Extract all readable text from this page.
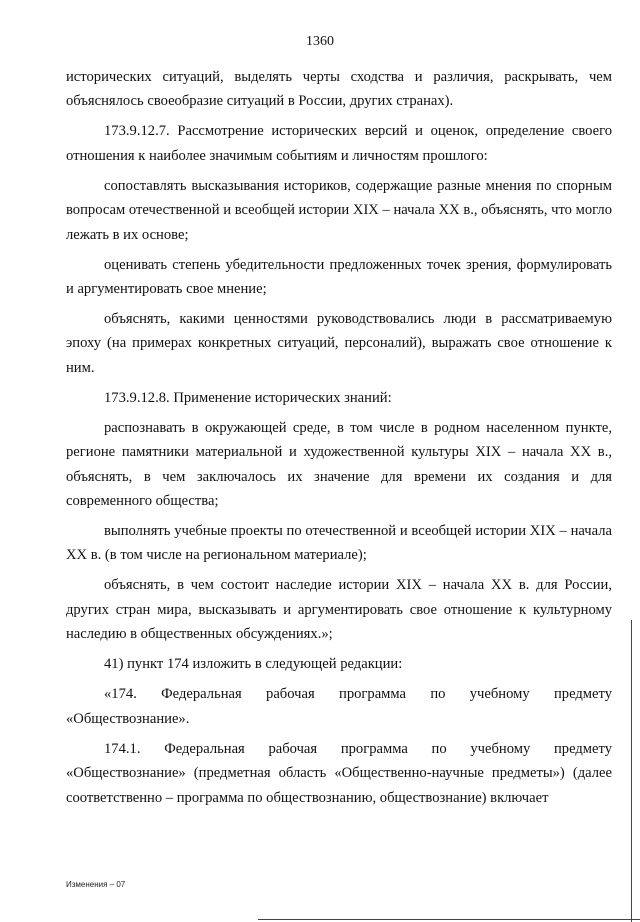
1360

исторических ситуаций, выделять черты сходства и различия, раскрывать, чем объяснялось своеобразие ситуаций в России, других странах).

173.9.12.7. Рассмотрение исторических версий и оценок, определение своего отношения к наиболее значимым событиям и личностям прошлого:

сопоставлять высказывания историков, содержащие разные мнения по спорным вопросам отечественной и всеобщей истории XIX – начала XX в., объяснять, что могло лежать в их основе;

оценивать степень убедительности предложенных точек зрения, формулировать и аргументировать свое мнение;

объяснять, какими ценностями руководствовались люди в рассматриваемую эпоху (на примерах конкретных ситуаций, персоналий), выражать свое отношение к ним.

173.9.12.8. Применение исторических знаний:

распознавать в окружающей среде, в том числе в родном населенном пункте, регионе памятники материальной и художественной культуры XIX – начала XX в., объяснять, в чем заключалось их значение для времени их создания и для современного общества;

выполнять учебные проекты по отечественной и всеобщей истории XIX – начала XX в. (в том числе на региональном материале);

объяснять, в чем состоит наследие истории XIX – начала XX в. для России, других стран мира, высказывать и аргументировать свое отношение к культурному наследию в общественных обсуждениях.»;

41) пункт 174 изложить в следующей редакции:

«174. Федеральная рабочая программа по учебному предмету «Обществознание».

174.1. Федеральная рабочая программа по учебному предмету «Обществознание» (предметная область «Общественно-научные предметы») (далее соответственно – программа по обществознанию, обществознание) включает

Изменения – 07
